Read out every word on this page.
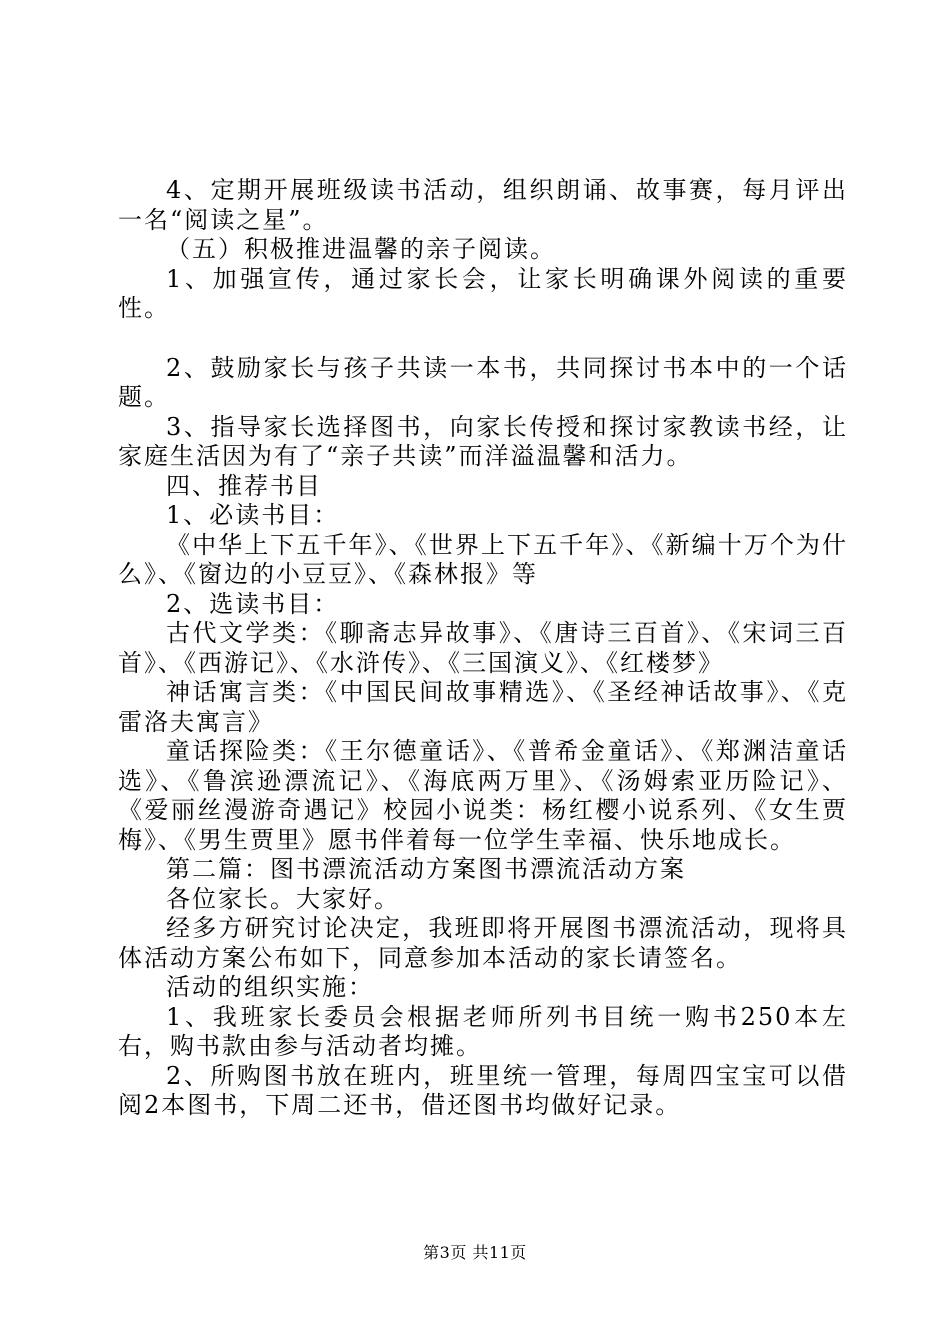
4、定期开展班级读书活动，组织朗诵、故事赛，每月评出一名“阅读之星”。

（五）积极推进温馨的亲子阅读。

1、加强宣传，通过家长会，让家长明确课外阅读的重要性。

2、鼓励家长与孩子共读一本书，共同探讨书本中的一个话题。

3、指导家长选择图书，向家长传授和探讨家教读书经，让家庭生活因为有了“亲子共读”而洋溢温馨和活力。

四、推荐书目

1、必读书目：

《中华上下五千年》、《世界上下五千年》、《新编十万个为什么》、《窗边的小豆豆》、《森林报》等

2、选读书目：

古代文学类：《聊斋志异故事》、《唐诗三百首》、《宋词三百首》、《西游记》、《水浒传》、《三国演义》、《红楼梦》

神话寓言类：《中国民间故事精选》、《圣经神话故事》、《克雷洛夫寓言》

童话探险类：《王尔德童话》、《普希金童话》、《郑渊洁童话选》、《鲁滨逊漂流记》、《海底两万里》、《汤姆索亚历险记》、《爱丽丝漫游奇遇记》校园小说类：杨红樱小说系列、《女生贾梅》、《男生贾里》愿书伴着每一位学生幸福、快乐地成长。

第二篇：图书漂流活动方案图书漂流活动方案

各位家长。大家好。

经多方研究讨论决定，我班即将开展图书漂流活动，现将具体活动方案公布如下，同意参加本活动的家长请签名。

活动的组织实施：

1、我班家长委员会根据老师所列书目统一购书250本左右，购书款由参与活动者均摊。

2、所购图书放在班内，班里统一管理，每周四宝宝可以借阅2本图书，下周二还书，借还图书均做好记录。

第3页 共11页
